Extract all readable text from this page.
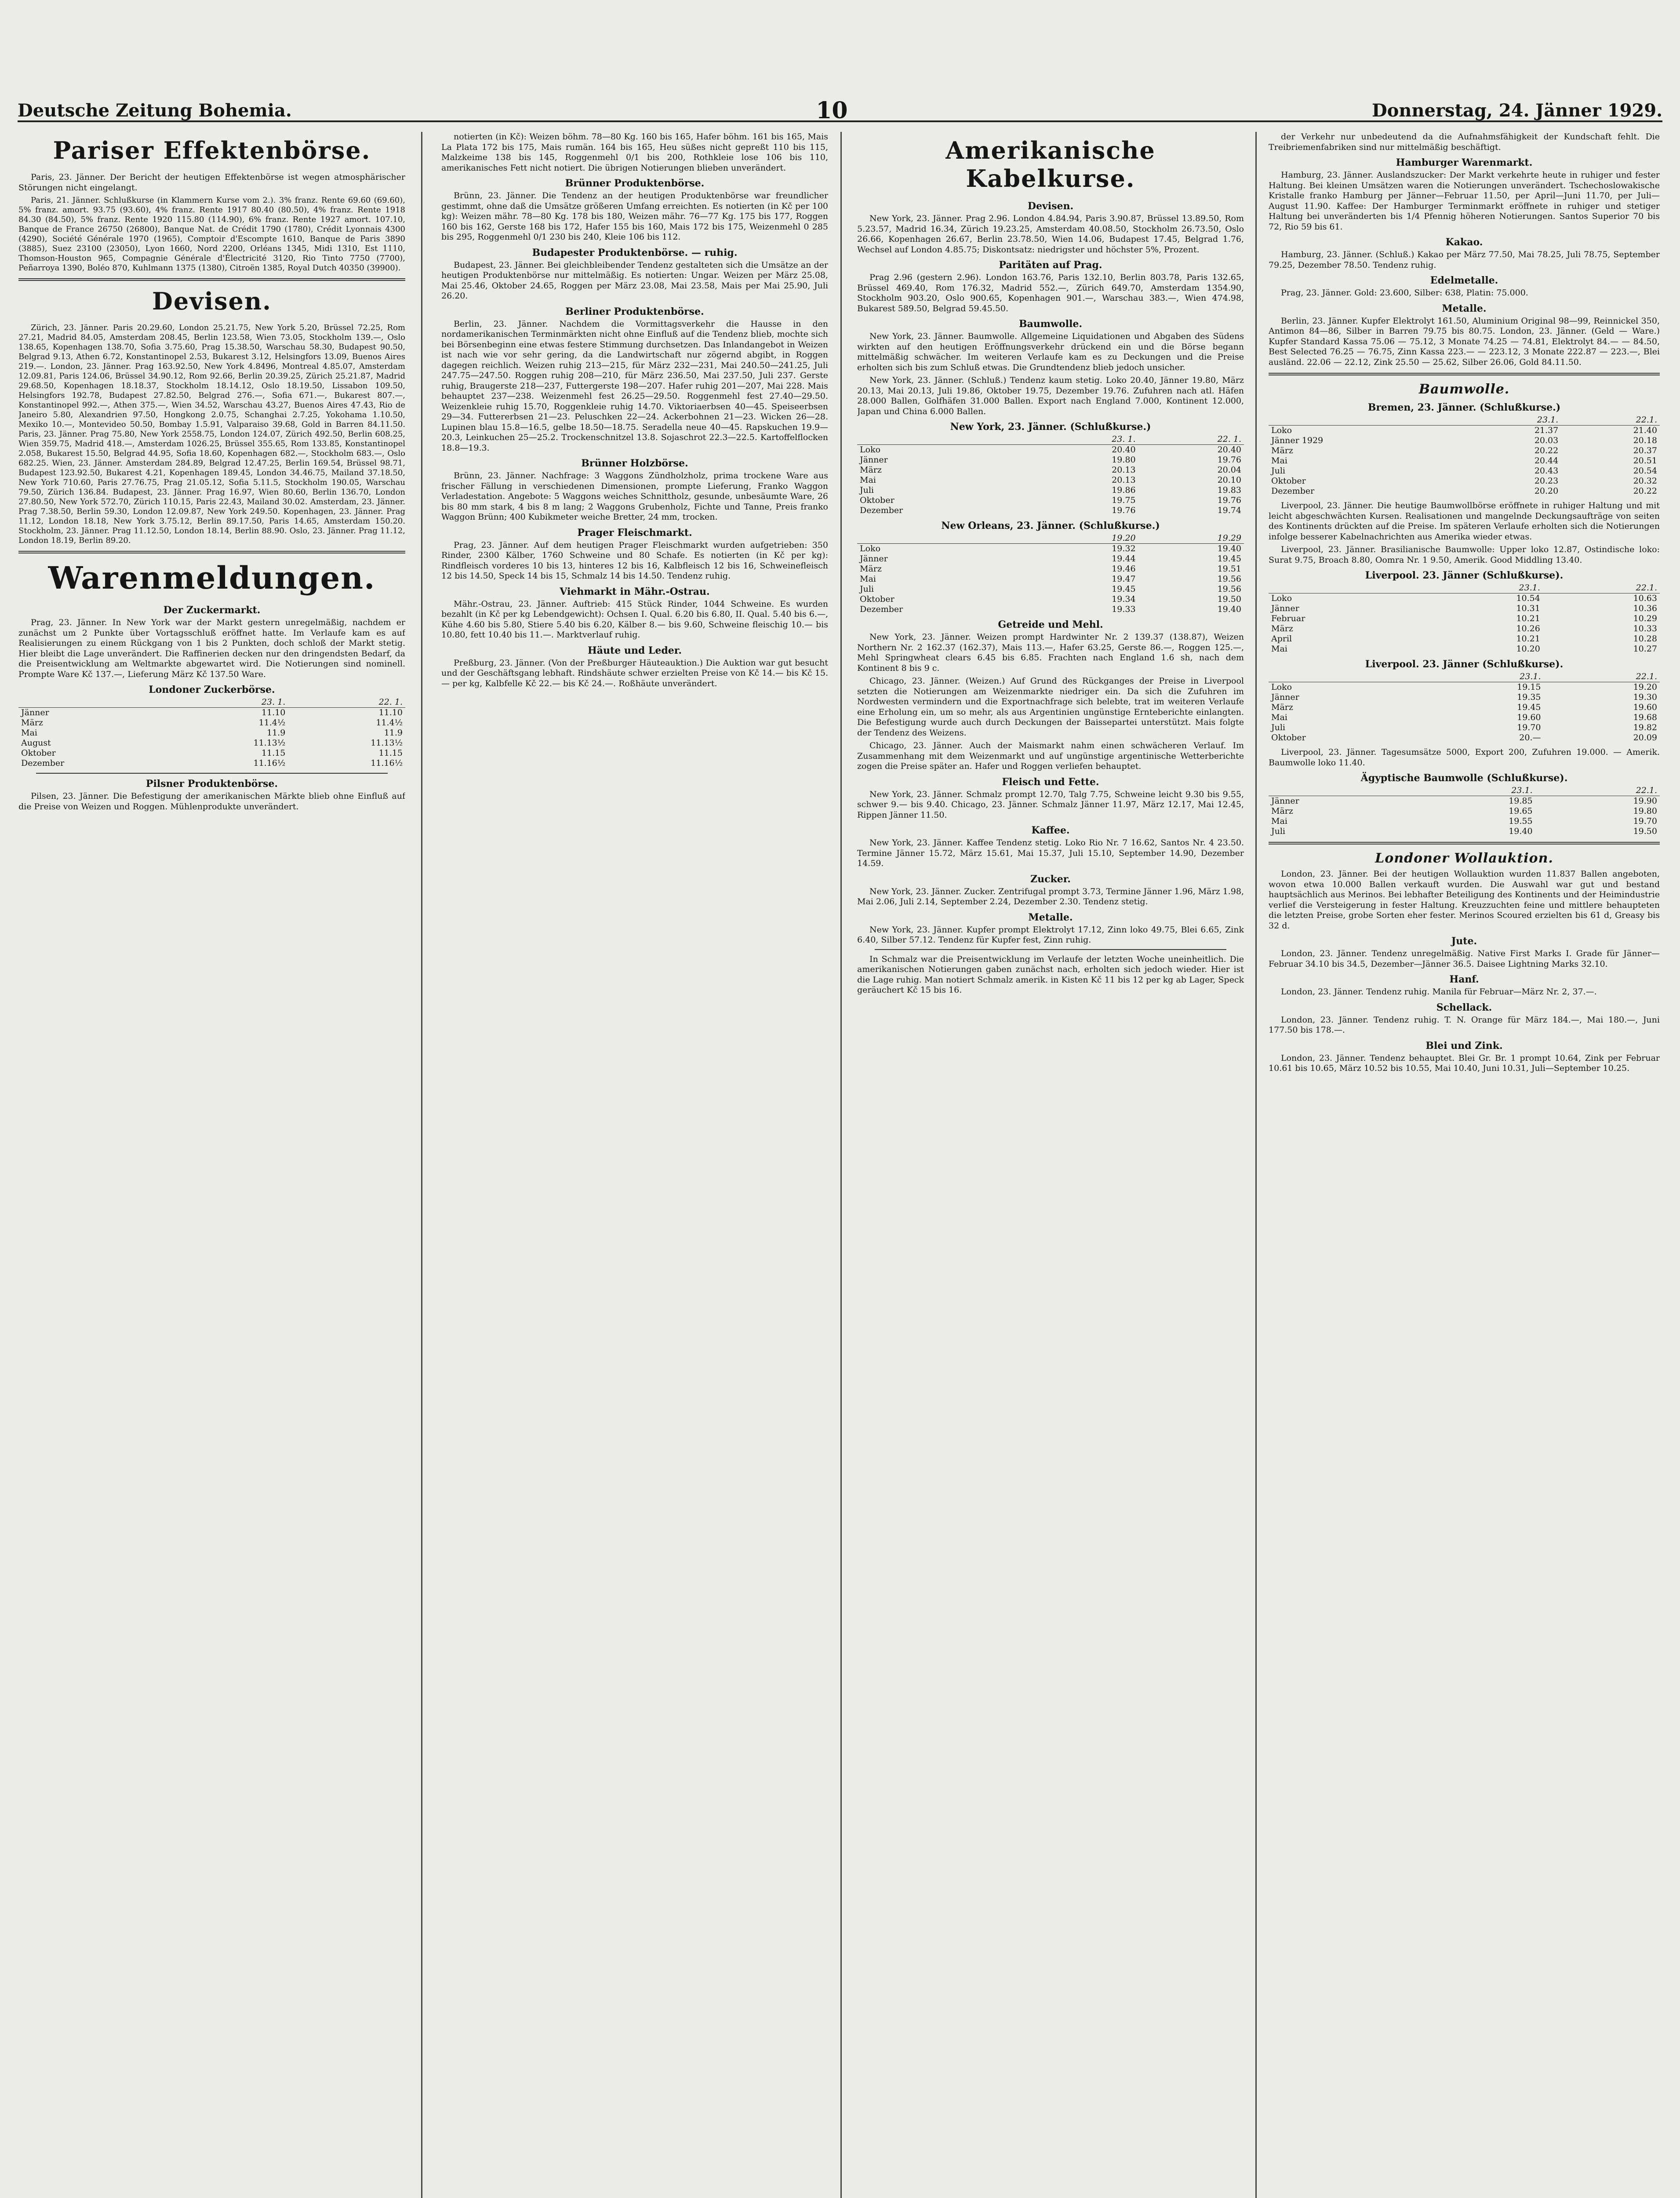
Deutsche Zeitung Bohemia.	10	Donnerstag, 24. Jänner 1929.
Pariser Effektenbörse.

Paris, 23. Jänner. Der Bericht der heutigen Effektenbörse ist wegen atmosphärischer Störungen nicht eingelangt.

Paris, 21. Jänner. Schlußkurse (in Klammern Kurse vom 2.). 3% franz. Rente 69.60 (69.60), 5% franz. amort. 93.75 (93.60), 4% franz. Rente 1917 80.40 (80.50), 4% franz. Rente 1918 84.30 (84.50), 5% franz. Rente 1920 115.80 (114.90), 6% franz. Rente 1927 amort. 107.10, Banque de France 26750 (26800), Banque Nat. de Crédit 1790 (1780), Crédit Lyonnais 4300 (4290), Société Générale 1970 (1965), Comptoir d'Escompte 1610, Banque de Paris 3890 (3885), Suez 23100 (23050), Lyon 1660, Nord 2200, Orléans 1345, Midi 1310, Est 1110, Thomson-Houston 965, Compagnie Générale d'Électricité 3120, Rio Tinto 7750 (7700), Peñarroya 1390, Boléo 870, Kuhlmann 1375 (1380), Citroën 1385, Royal Dutch 40350 (39900).

Devisen.

Zürich, 23. Jänner. Paris 20.29.60, London 25.21.75, New York 5.20, Brüssel 72.25, Rom 27.21, Madrid 84.05, Amsterdam 208.45, Berlin 123.58, Wien 73.05, Stockholm 139.—, Oslo 138.65, Kopenhagen 138.70, Sofia 3.75.60, Prag 15.38.50, Warschau 58.30, Budapest 90.50, Belgrad 9.13, Athen 6.72, Konstantinopel 2.53, Bukarest 3.12, Helsingfors 13.09, Buenos Aires 219.—. London, 23. Jänner. Prag 163.92.50, New York 4.8496, Montreal 4.85.07, Amsterdam 12.09.81, Paris 124.06, Brüssel 34.90.12, Rom 92.66, Berlin 20.39.25, Zürich 25.21.87, Madrid 29.68.50, Kopenhagen 18.18.37, Stockholm 18.14.12, Oslo 18.19.50, Lissabon 109.50, Helsingfors 192.78, Budapest 27.82.50, Belgrad 276.—, Sofia 671.—, Bukarest 807.—, Konstantinopel 992.—, Athen 375.—, Wien 34.52, Warschau 43.27, Buenos Aires 47.43, Rio de Janeiro 5.80, Alexandrien 97.50, Hongkong 2.0.75, Schanghai 2.7.25, Yokohama 1.10.50, Mexiko 10.—, Montevideo 50.50, Bombay 1.5.91, Valparaiso 39.68, Gold in Barren 84.11.50. Paris, 23. Jänner. Prag 75.80, New York 2558.75, London 124.07, Zürich 492.50, Berlin 608.25, Wien 359.75, Madrid 418.—, Amsterdam 1026.25, Brüssel 355.65, Rom 133.85, Konstantinopel 2.058, Bukarest 15.50, Belgrad 44.95, Sofia 18.60, Kopenhagen 682.—, Stockholm 683.—, Oslo 682.25. Wien, 23. Jänner. Amsterdam 284.89, Belgrad 12.47.25, Berlin 169.54, Brüssel 98.71, Budapest 123.92.50, Bukarest 4.21, Kopenhagen 189.45, London 34.46.75, Mailand 37.18.50, New York 710.60, Paris 27.76.75, Prag 21.05.12, Sofia 5.11.5, Stockholm 190.05, Warschau 79.50, Zürich 136.84. Budapest, 23. Jänner. Prag 16.97, Wien 80.60, Berlin 136.70, London 27.80.50, New York 572.70, Zürich 110.15, Paris 22.43, Mailand 30.02. Amsterdam, 23. Jänner. Prag 7.38.50, Berlin 59.30, London 12.09.87, New York 249.50. Kopenhagen, 23. Jänner. Prag 11.12, London 18.18, New York 3.75.12, Berlin 89.17.50, Paris 14.65, Amsterdam 150.20. Stockholm, 23. Jänner. Prag 11.12.50, London 18.14, Berlin 88.90. Oslo, 23. Jänner. Prag 11.12, London 18.19, Berlin 89.20.

Warenmeldungen.
Der Zuckermarkt.

Prag, 23. Jänner. In New York war der Markt gestern unregelmäßig, nachdem er zunächst um 2 Punkte über Vortagsschluß eröffnet hatte. Im Verlaufe kam es auf Realisierungen zu einem Rückgang von 1 bis 2 Punkten, doch schloß der Markt stetig. Hier bleibt die Lage unverändert. Die Raffinerien decken nur den dringendsten Bedarf, da die Preisentwicklung am Weltmarkte abgewartet wird. Die Notierungen sind nominell. Prompte Ware Kč 137.—, Lieferung März Kč 137.50 Ware.

Londoner Zuckerbörse.
	23. 1.	22. 1.
Jänner	11.10	11.10
März	11.4½	11.4½
Mai	11.9	11.9
August	11.13½	11.13½
Oktober	11.15	11.15
Dezember	11.16½	11.16½
Pilsner Produktenbörse.

Pilsen, 23. Jänner. Die Befestigung der amerikanischen Märkte blieb ohne Einfluß auf die Preise von Weizen und Roggen. Mühlenprodukte unverändert.

notierten (in Kč): Weizen böhm. 78—80 Kg. 160 bis 165, Hafer böhm. 161 bis 165, Mais La Plata 172 bis 175, Mais rumän. 164 bis 165, Heu süßes nicht gepreßt 110 bis 115, Malzkeime 138 bis 145, Roggenmehl 0/1 bis 200, Rothkleie lose 106 bis 110, amerikanisches Fett nicht notiert. Die übrigen Notierungen blieben unverändert.

Brünner Produktenbörse.

Brünn, 23. Jänner. Die Tendenz an der heutigen Produktenbörse war freundlicher gestimmt, ohne daß die Umsätze größeren Umfang erreichten. Es notierten (in Kč per 100 kg): Weizen mähr. 78—80 Kg. 178 bis 180, Weizen mähr. 76—77 Kg. 175 bis 177, Roggen 160 bis 162, Gerste 168 bis 172, Hafer 155 bis 160, Mais 172 bis 175, Weizenmehl 0 285 bis 295, Roggenmehl 0/1 230 bis 240, Kleie 106 bis 112.

Budapester Produktenbörse. — ruhig.

Budapest, 23. Jänner. Bei gleichbleibender Tendenz gestalteten sich die Umsätze an der heutigen Produktenbörse nur mittelmäßig. Es notierten: Ungar. Weizen per März 25.08, Mai 25.46, Oktober 24.65, Roggen per März 23.08, Mai 23.58, Mais per Mai 25.90, Juli 26.20.

Berliner Produktenbörse.

Berlin, 23. Jänner. Nachdem die Vormittagsverkehr die Hausse in den nordamerikanischen Terminmärkten nicht ohne Einfluß auf die Tendenz blieb, mochte sich bei Börsenbeginn eine etwas festere Stimmung durchsetzen. Das Inlandangebot in Weizen ist nach wie vor sehr gering, da die Landwirtschaft nur zögernd abgibt, in Roggen dagegen reichlich. Weizen ruhig 213—215, für März 232—231, Mai 240.50—241.25, Juli 247.75—247.50. Roggen ruhig 208—210, für März 236.50, Mai 237.50, Juli 237. Gerste ruhig, Braugerste 218—237, Futtergerste 198—207. Hafer ruhig 201—207, Mai 228. Mais behauptet 237—238. Weizenmehl fest 26.25—29.50. Roggenmehl fest 27.40—29.50. Weizenkleie ruhig 15.70, Roggenkleie ruhig 14.70. Viktoriaerbsen 40—45. Speiseerbsen 29—34. Futtererbsen 21—23. Peluschken 22—24. Ackerbohnen 21—23. Wicken 26—28. Lupinen blau 15.8—16.5, gelbe 18.50—18.75. Seradella neue 40—45. Rapskuchen 19.9—20.3, Leinkuchen 25—25.2. Trockenschnitzel 13.8. Sojaschrot 22.3—22.5. Kartoffelflocken 18.8—19.3.

Brünner Holzbörse.

Brünn, 23. Jänner. Nachfrage: 3 Waggons Zündholzholz, prima trockene Ware aus frischer Fällung in verschiedenen Dimensionen, prompte Lieferung, Franko Waggon Verladestation. Angebote: 5 Waggons weiches Schnittholz, gesunde, unbesäumte Ware, 26 bis 80 mm stark, 4 bis 8 m lang; 2 Waggons Grubenholz, Fichte und Tanne, Preis franko Waggon Brünn; 400 Kubikmeter weiche Bretter, 24 mm, trocken.

Prager Fleischmarkt.

Prag, 23. Jänner. Auf dem heutigen Prager Fleischmarkt wurden aufgetrieben: 350 Rinder, 2300 Kälber, 1760 Schweine und 80 Schafe. Es notierten (in Kč per kg): Rindfleisch vorderes 10 bis 13, hinteres 12 bis 16, Kalbfleisch 12 bis 16, Schweinefleisch 12 bis 14.50, Speck 14 bis 15, Schmalz 14 bis 14.50. Tendenz ruhig.

Viehmarkt in Mähr.-Ostrau.

Mähr.-Ostrau, 23. Jänner. Auftrieb: 415 Stück Rinder, 1044 Schweine. Es wurden bezahlt (in Kč per kg Lebendgewicht): Ochsen I. Qual. 6.20 bis 6.80, II. Qual. 5.40 bis 6.—, Kühe 4.60 bis 5.80, Stiere 5.40 bis 6.20, Kälber 8.— bis 9.60, Schweine fleischig 10.— bis 10.80, fett 10.40 bis 11.—. Marktverlauf ruhig.

Häute und Leder.

Preßburg, 23. Jänner. (Von der Preßburger Häuteauktion.) Die Auktion war gut besucht und der Geschäftsgang lebhaft. Rindshäute schwer erzielten Preise von Kč 14.— bis Kč 15.— per kg, Kalbfelle Kč 22.— bis Kč 24.—. Roßhäute unverändert.

Amerikanische Kabelkurse.
Devisen.

New York, 23. Jänner. Prag 2.96. London 4.84.94, Paris 3.90.87, Brüssel 13.89.50, Rom 5.23.57, Madrid 16.34, Zürich 19.23.25, Amsterdam 40.08.50, Stockholm 26.73.50, Oslo 26.66, Kopenhagen 26.67, Berlin 23.78.50, Wien 14.06, Budapest 17.45, Belgrad 1.76, Wechsel auf London 4.85.75; Diskontsatz: niedrigster und höchster 5%, Prozent.

Paritäten auf Prag.

Prag 2.96 (gestern 2.96). London 163.76, Paris 132.10, Berlin 803.78, Paris 132.65, Brüssel 469.40, Rom 176.32, Madrid 552.—, Zürich 649.70, Amsterdam 1354.90, Stockholm 903.20, Oslo 900.65, Kopenhagen 901.—, Warschau 383.—, Wien 474.98, Bukarest 589.50, Belgrad 59.45.50.

Baumwolle.

New York, 23. Jänner. Baumwolle. Allgemeine Liquidationen und Abgaben des Südens wirkten auf den heutigen Eröffnungsverkehr drückend ein und die Börse begann mittelmäßig schwächer. Im weiteren Verlaufe kam es zu Deckungen und die Preise erholten sich bis zum Schluß etwas. Die Grundtendenz blieb jedoch unsicher.

New York, 23. Jänner. (Schluß.) Tendenz kaum stetig. Loko 20.40, Jänner 19.80, März 20.13, Mai 20.13, Juli 19.86, Oktober 19.75, Dezember 19.76. Zufuhren nach atl. Häfen 28.000 Ballen, Golfhäfen 31.000 Ballen. Export nach England 7.000, Kontinent 12.000, Japan und China 6.000 Ballen.

New York, 23. Jänner. (Schlußkurse.)
	23. 1.	22. 1.
Loko	20.40	20.40
Jänner	19.80	19.76
März	20.13	20.04
Mai	20.13	20.10
Juli	19.86	19.83
Oktober	19.75	19.76
Dezember	19.76	19.74
New Orleans, 23. Jänner. (Schlußkurse.)
	19.20	19.29
Loko	19.32	19.40
Jänner	19.44	19.45
März	19.46	19.51
Mai	19.47	19.56
Juli	19.45	19.56
Oktober	19.34	19.50
Dezember	19.33	19.40
Getreide und Mehl.

New York, 23. Jänner. Weizen prompt Hardwinter Nr. 2 139.37 (138.87), Weizen Northern Nr. 2 162.37 (162.37), Mais 113.—, Hafer 63.25, Gerste 86.—, Roggen 125.—, Mehl Springwheat clears 6.45 bis 6.85. Frachten nach England 1.6 sh, nach dem Kontinent 8 bis 9 c.

Chicago, 23. Jänner. (Weizen.) Auf Grund des Rückganges der Preise in Liverpool setzten die Notierungen am Weizenmarkte niedriger ein. Da sich die Zufuhren im Nordwesten vermindern und die Exportnachfrage sich belebte, trat im weiteren Verlaufe eine Erholung ein, um so mehr, als aus Argentinien ungünstige Ernteberichte einlangten. Die Befestigung wurde auch durch Deckungen der Baissepartei unterstützt. Mais folgte der Tendenz des Weizens.

Chicago, 23. Jänner. Auch der Maismarkt nahm einen schwächeren Verlauf. Im Zusammenhang mit dem Weizenmarkt und auf ungünstige argentinische Wetterberichte zogen die Preise später an. Hafer und Roggen verliefen behauptet.

Fleisch und Fette.

New York, 23. Jänner. Schmalz prompt 12.70, Talg 7.75, Schweine leicht 9.30 bis 9.55, schwer 9.— bis 9.40. Chicago, 23. Jänner. Schmalz Jänner 11.97, März 12.17, Mai 12.45, Rippen Jänner 11.50.

Kaffee.

New York, 23. Jänner. Kaffee Tendenz stetig. Loko Rio Nr. 7 16.62, Santos Nr. 4 23.50. Termine Jänner 15.72, März 15.61, Mai 15.37, Juli 15.10, September 14.90, Dezember 14.59.

Zucker.

New York, 23. Jänner. Zucker. Zentrifugal prompt 3.73, Termine Jänner 1.96, März 1.98, Mai 2.06, Juli 2.14, September 2.24, Dezember 2.30. Tendenz stetig.

Metalle.

New York, 23. Jänner. Kupfer prompt Elektrolyt 17.12, Zinn loko 49.75, Blei 6.65, Zink 6.40, Silber 57.12. Tendenz für Kupfer fest, Zinn ruhig.

In Schmalz war die Preisentwicklung im Verlaufe der letzten Woche uneinheitlich. Die amerikanischen Notierungen gaben zunächst nach, erholten sich jedoch wieder. Hier ist die Lage ruhig. Man notiert Schmalz amerik. in Kisten Kč 11 bis 12 per kg ab Lager, Speck geräuchert Kč 15 bis 16.

der Verkehr nur unbedeutend da die Aufnahmsfähigkeit der Kundschaft fehlt. Die Treibriemenfabriken sind nur mittelmäßig beschäftigt.

Hamburger Warenmarkt.

Hamburg, 23. Jänner. Auslandszucker: Der Markt verkehrte heute in ruhiger und fester Haltung. Bei kleinen Umsätzen waren die Notierungen unverändert. Tschechoslowakische Kristalle franko Hamburg per Jänner—Februar 11.50, per April—Juni 11.70, per Juli—August 11.90. Kaffee: Der Hamburger Terminmarkt eröffnete in ruhiger und stetiger Haltung bei unveränderten bis 1/4 Pfennig höheren Notierungen. Santos Superior 70 bis 72, Rio 59 bis 61.

Kakao.

Hamburg, 23. Jänner. (Schluß.) Kakao per März 77.50, Mai 78.25, Juli 78.75, September 79.25, Dezember 78.50. Tendenz ruhig.

Edelmetalle.

Prag, 23. Jänner. Gold: 23.600, Silber: 638, Platin: 75.000.

Metalle.

Berlin, 23. Jänner. Kupfer Elektrolyt 161.50, Aluminium Original 98—99, Reinnickel 350, Antimon 84—86, Silber in Barren 79.75 bis 80.75. London, 23. Jänner. (Geld — Ware.) Kupfer Standard Kassa 75.06 — 75.12, 3 Monate 74.25 — 74.81, Elektrolyt 84.— — 84.50, Best Selected 76.25 — 76.75, Zinn Kassa 223.— — 223.12, 3 Monate 222.87 — 223.—, Blei ausländ. 22.06 — 22.12, Zink 25.50 — 25.62, Silber 26.06, Gold 84.11.50.

Baumwolle.
Bremen, 23. Jänner. (Schlußkurse.)
	23.1.	22.1.
Loko	21.37	21.40
Jänner 1929	20.03	20.18
März	20.22	20.37
Mai	20.44	20.51
Juli	20.43	20.54
Oktober	20.23	20.32
Dezember	20.20	20.22

Liverpool, 23. Jänner. Die heutige Baumwollbörse eröffnete in ruhiger Haltung und mit leicht abgeschwächten Kursen. Realisationen und mangelnde Deckungsaufträge von seiten des Kontinents drückten auf die Preise. Im späteren Verlaufe erholten sich die Notierungen infolge besserer Kabelnachrichten aus Amerika wieder etwas.

Liverpool, 23. Jänner. Brasilianische Baumwolle: Upper loko 12.87, Ostindische loko: Surat 9.75, Broach 8.80, Oomra Nr. 1 9.50, Amerik. Good Middling 13.40.

Liverpool. 23. Jänner (Schlußkurse).
	23.1.	22.1.
Loko	10.54	10.63
Jänner	10.31	10.36
Februar	10.21	10.29
März	10.26	10.33
April	10.21	10.28
Mai	10.20	10.27
Liverpool. 23. Jänner (Schlußkurse).
	23.1.	22.1.
Loko	19.15	19.20
Jänner	19.35	19.30
März	19.45	19.60
Mai	19.60	19.68
Juli	19.70	19.82
Oktober	20.—	20.09

Liverpool, 23. Jänner. Tagesumsätze 5000, Export 200, Zufuhren 19.000. — Amerik. Baumwolle loko 11.40.

Ägyptische Baumwolle (Schlußkurse).
	23.1.	22.1.
Jänner	19.85	19.90
März	19.65	19.80
Mai	19.55	19.70
Juli	19.40	19.50
Londoner Wollauktion.

London, 23. Jänner. Bei der heutigen Wollauktion wurden 11.837 Ballen angeboten, wovon etwa 10.000 Ballen verkauft wurden. Die Auswahl war gut und bestand hauptsächlich aus Merinos. Bei lebhafter Beteiligung des Kontinents und der Heimindustrie verlief die Versteigerung in fester Haltung. Kreuzzuchten feine und mittlere behaupteten die letzten Preise, grobe Sorten eher fester. Merinos Scoured erzielten bis 61 d, Greasy bis 32 d.

Jute.

London, 23. Jänner. Tendenz unregelmäßig. Native First Marks I. Grade für Jänner—Februar 34.10 bis 34.5, Dezember—Jänner 36.5. Daisee Lightning Marks 32.10.

Hanf.

London, 23. Jänner. Tendenz ruhig. Manila für Februar—März Nr. 2, 37.—.

Schellack.

London, 23. Jänner. Tendenz ruhig. T. N. Orange für März 184.—, Mai 180.—, Juni 177.50 bis 178.—.

Blei und Zink.

London, 23. Jänner. Tendenz behauptet. Blei Gr. Br. 1 prompt 10.64, Zink per Februar 10.61 bis 10.65, März 10.52 bis 10.55, Mai 10.40, Juni 10.31, Juli—September 10.25.
